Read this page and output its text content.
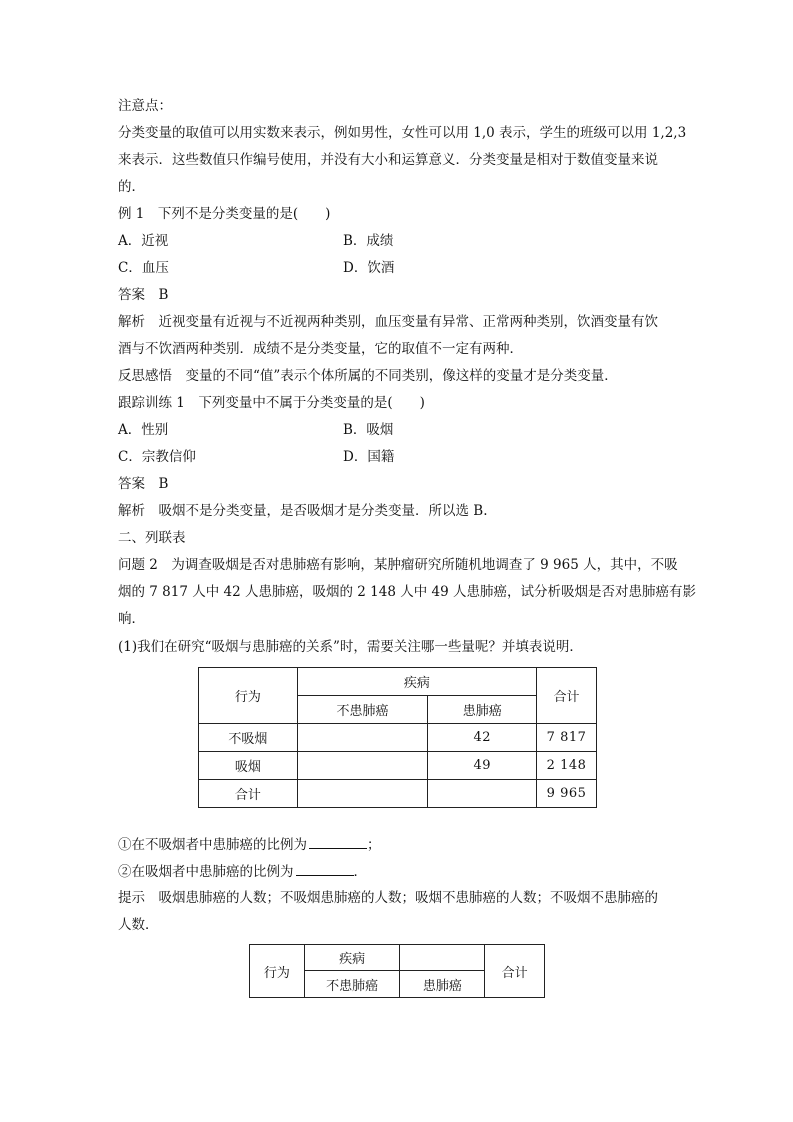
注意点：
分类变量的取值可以用实数来表示，例如男性，女性可以用 1,0 表示，学生的班级可以用 1,2,3
来表示．这些数值只作编号使用，并没有大小和运算意义．分类变量是相对于数值变量来说
的．
例 1　下列不是分类变量的是(　　)
A．近视	B．成绩
C．血压	D．饮酒
答案　B
解析　近视变量有近视与不近视两种类别，血压变量有异常、正常两种类别，饮酒变量有饮
酒与不饮酒两种类别．成绩不是分类变量，它的取值不一定有两种．
反思感悟　变量的不同“值”表示个体所属的不同类别，像这样的变量才是分类变量．
跟踪训练 1　下列变量中不属于分类变量的是(　　)
A．性别	B．吸烟
C．宗教信仰	D．国籍
答案　B
解析　吸烟不是分类变量，是否吸烟才是分类变量．所以选 B.
二、列联表
问题 2　为调查吸烟是否对患肺癌有影响，某肿瘤研究所随机地调查了 9 965 人，其中，不吸
烟的 7 817 人中 42 人患肺癌，吸烟的 2 148 人中 49 人患肺癌，试分析吸烟是否对患肺癌有影
响．
(1)我们在研究“吸烟与患肺癌的关系”时，需要关注哪一些量呢？并填表说明．
行为	疾病		合计
	不患肺癌	患肺癌	
不吸烟		42	7 817
吸烟		49	2 148
合计			9 965
①在不吸烟者中患肺癌的比例为	；
②在吸烟者中患肺癌的比例为	．
提示　吸烟患肺癌的人数；不吸烟患肺癌的人数；吸烟不患肺癌的人数；不吸烟不患肺癌的
人数．
行为	疾病		合计
	不患肺癌	患肺癌	
